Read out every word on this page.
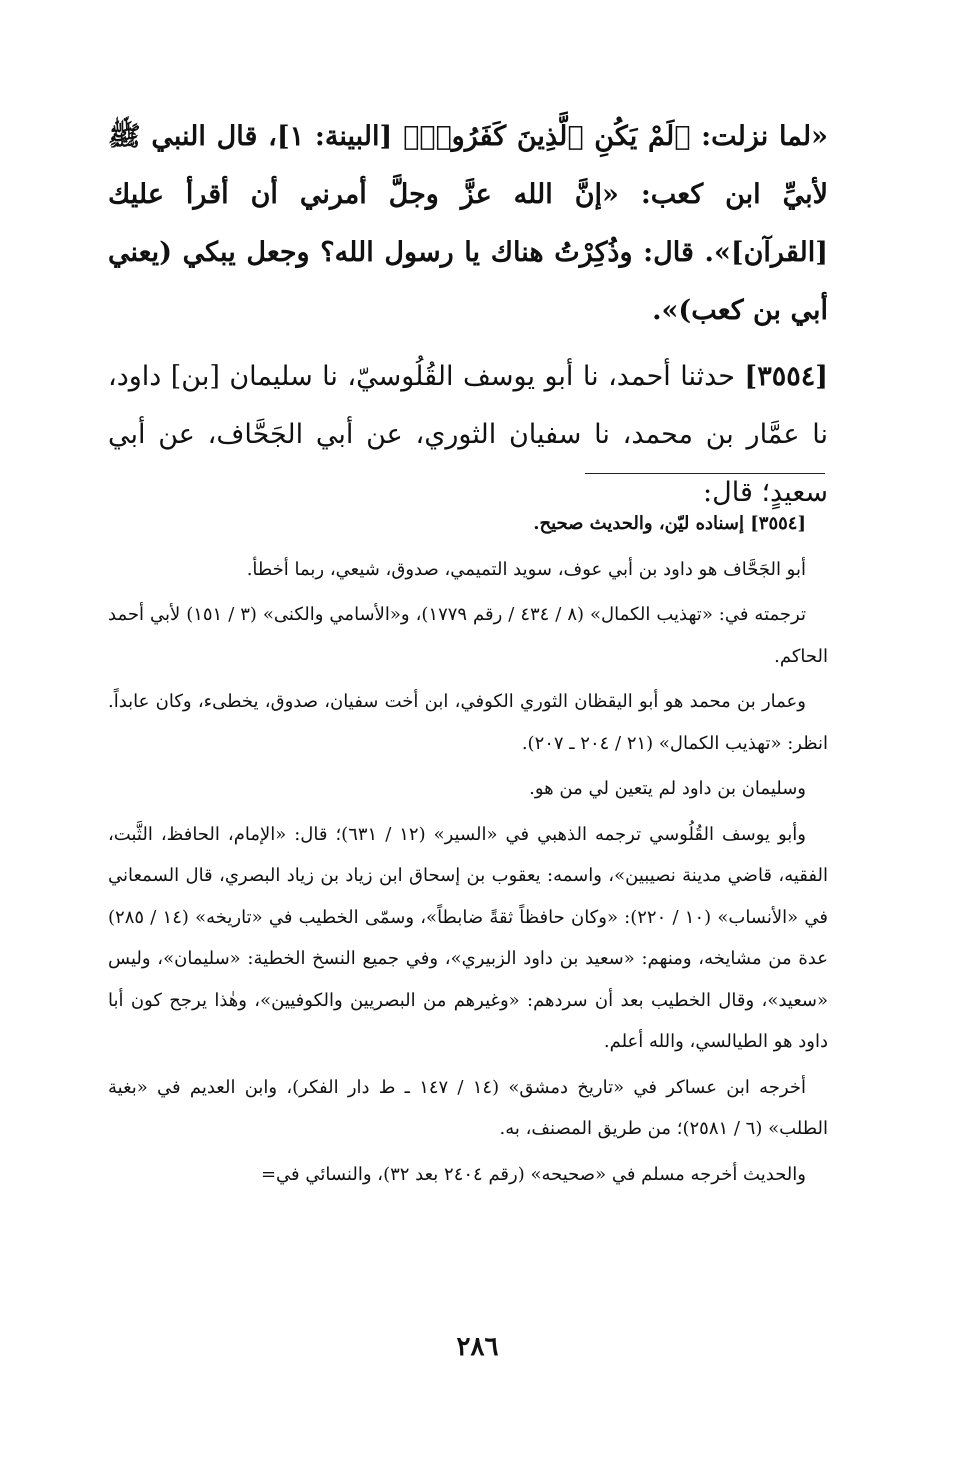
«لما نزلت: ﴿لَمْ يَكُنِ ٱلَّذِينَ كَفَرُوا۟﴾ [البينة: ١]، قال النبي ﷺ لأبيِّ ابن كعب: «إنَّ الله عزَّ وجلَّ أمرني أن أقرأ عليك [القرآن]». قال: وذُكِرْتُ هناك يا رسول الله؟ وجعل يبكي (يعني أبي بن كعب)».

[٣٥٥٤] حدثنا أحمد، نا أبو يوسف القُلُوسيّ، نا سليمان [بن] داود، نا عمَّار بن محمد، نا سفيان الثوري، عن أبي الجَحَّاف، عن أبي سعيدٍ؛ قال:

[٣٥٥٤] إسناده ليّن، والحديث صحيح.

أبو الجَحَّاف هو داود بن أبي عوف، سويد التميمي، صدوق، شيعي، ربما أخطأ.

ترجمته في: «تهذيب الكمال» (٨ / ٤٣٤ / رقم ١٧٧٩)، و«الأسامي والكنى» (٣ / ١٥١) لأبي أحمد الحاكم.

وعمار بن محمد هو أبو اليقظان الثوري الكوفي، ابن أخت سفيان، صدوق، يخطىء، وكان عابداً. انظر: «تهذيب الكمال» (٢١ / ٢٠٤ ـ ٢٠٧).

وسليمان بن داود لم يتعين لي من هو.

وأبو يوسف القُلُوسي ترجمه الذهبي في «السير» (١٢ / ٦٣١)؛ قال: «الإمام، الحافظ، الثَّبت، الفقيه، قاضي مدينة نصيبين»، واسمه: يعقوب بن إسحاق ابن زياد بن زياد البصري، قال السمعاني في «الأنساب» (١٠ / ٢٢٠): «وكان حافظاً ثقةً ضابطاً»، وسمّى الخطيب في «تاريخه» (١٤ / ٢٨٥) عدة من مشايخه، ومنهم: «سعيد بن داود الزبيري»، وفي جميع النسخ الخطية: «سليمان»، وليس «سعيد»، وقال الخطيب بعد أن سردهم: «وغيرهم من البصريين والكوفيين»، وهٰذا يرجح كون أبا داود هو الطيالسي، والله أعلم.

أخرجه ابن عساكر في «تاريخ دمشق» (١٤ / ١٤٧ ـ ط دار الفكر)، وابن العديم في «بغية الطلب» (٦ / ٢٥٨١)؛ من طريق المصنف، به.

والحديث أخرجه مسلم في «صحيحه» (رقم ٢٤٠٤ بعد ٣٢)، والنسائي في=

٢٨٦
